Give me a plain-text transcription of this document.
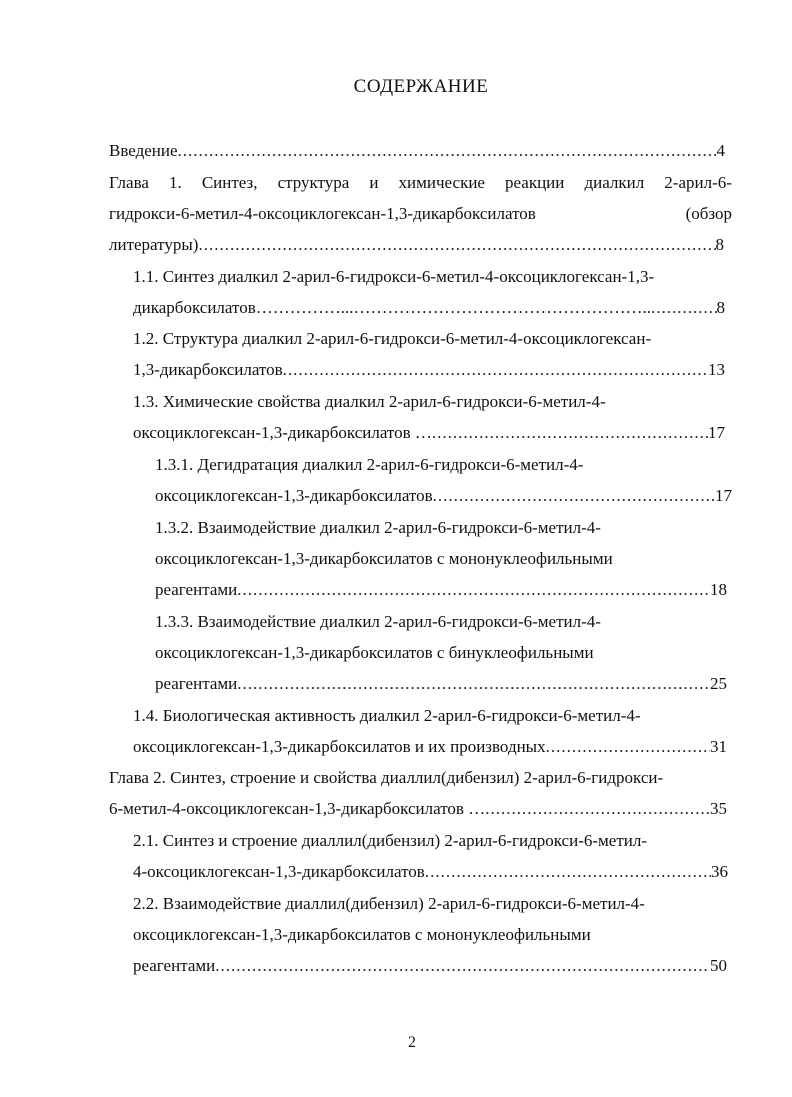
СОДЕРЖАНИЕ
Введение .....	4
Глава 1. Синтез, структура и химические реакции диалкил 2-арил-6-
гидрокси-6-метил-4-оксоциклогексан-1,3-дикарбоксилатов	(обзор
литературы) .....	8
1.1. Синтез диалкил 2-арил-6-гидрокси-6-метил-4-оксоциклогексан-1,3-
дикарбоксилатов……………...…………………………………………….. .....	8
1.2. Структура диалкил 2-арил-6-гидрокси-6-метил-4-оксоциклогексан-
1,3-дикарбоксилатов .....	13
1.3. Химические свойства диалкил 2-арил-6-гидрокси-6-метил-4-
оксоциклогексан-1,3-дикарбоксилатов … .....	17
1.3.1. Дегидратация диалкил 2-арил-6-гидрокси-6-метил-4-
оксоциклогексан-1,3-дикарбоксилатов .....	17
1.3.2. Взаимодействие диалкил 2-арил-6-гидрокси-6-метил-4-
оксоциклогексан-1,3-дикарбоксилатов с мононуклеофильными
реагентами .....	18
1.3.3. Взаимодействие диалкил 2-арил-6-гидрокси-6-метил-4-
оксоциклогексан-1,3-дикарбоксилатов с бинуклеофильными
реагентами .....	25
1.4. Биологическая активность диалкил 2-арил-6-гидрокси-6-метил-4-
оксоциклогексан-1,3-дикарбоксилатов и их производных .....	31
Глава 2. Синтез, строение и свойства диаллил(дибензил) 2-арил-6-гидрокси-
6-метил-4-оксоциклогексан-1,3-дикарбоксилатов … .....	35
2.1. Синтез и строение диаллил(дибензил) 2-арил-6-гидрокси-6-метил-
4-оксоциклогексан-1,3-дикарбоксилатов .....	36
2.2. Взаимодействие диаллил(дибензил) 2-арил-6-гидрокси-6-метил-4-
оксоциклогексан-1,3-дикарбоксилатов с мононуклеофильными
реагентами .....	50
2
